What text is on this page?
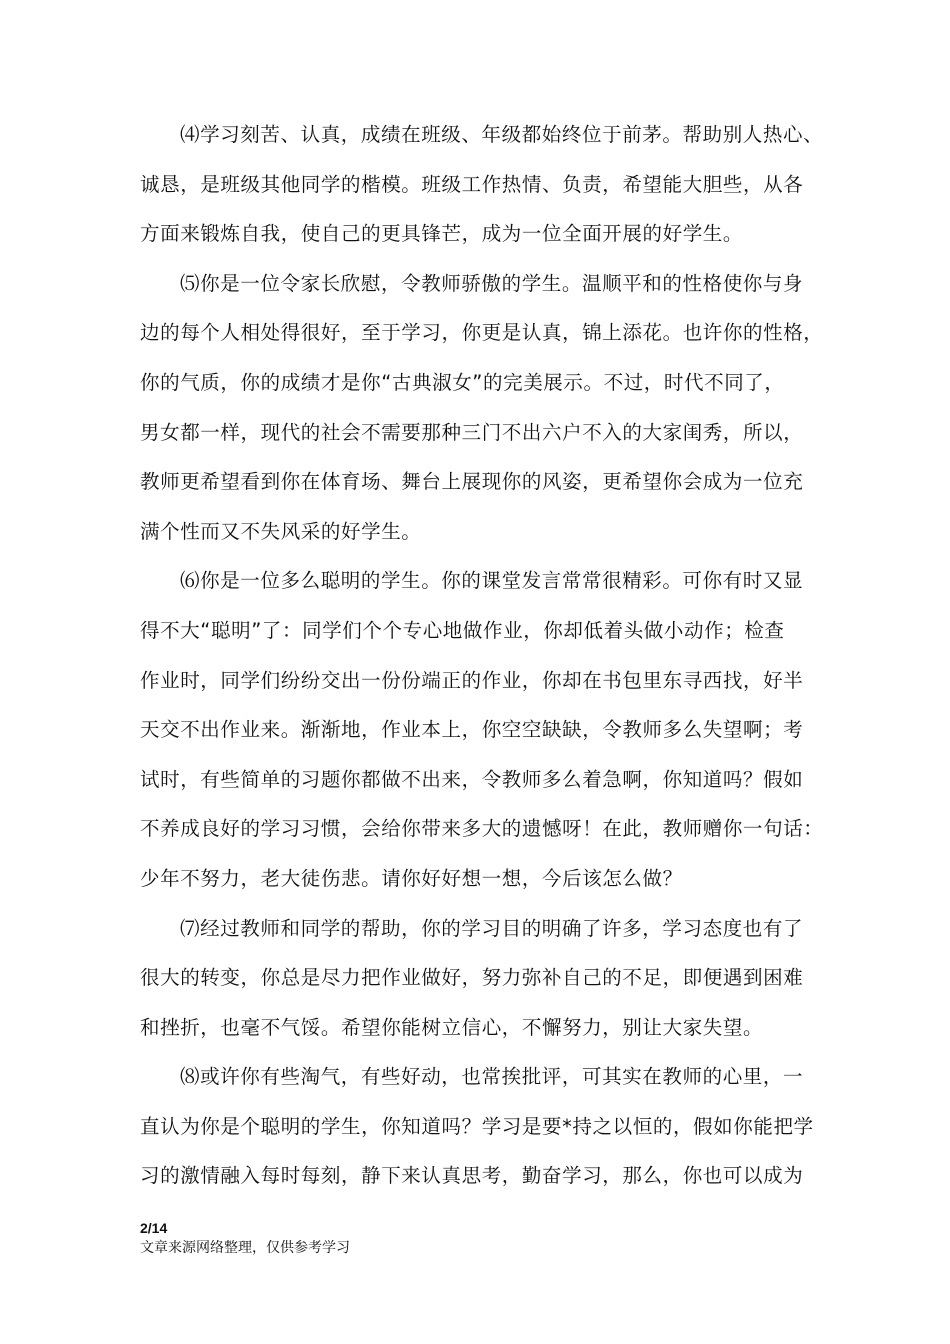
⑷学习刻苦、认真，成绩在班级、年级都始终位于前茅。帮助别人热心、
诚恳，是班级其他同学的楷模。班级工作热情、负责，希望能大胆些，从各
方面来锻炼自我，使自己的更具锋芒，成为一位全面开展的好学生。
⑸你是一位令家长欣慰，令教师骄傲的学生。温顺平和的性格使你与身
边的每个人相处得很好，至于学习，你更是认真，锦上添花。也许你的性格，
你的气质，你的成绩才是你“古典淑女”的完美展示。不过，时代不同了，
男女都一样，现代的社会不需要那种三门不出六户不入的大家闺秀，所以，
教师更希望看到你在体育场、舞台上展现你的风姿，更希望你会成为一位充
满个性而又不失风采的好学生。
⑹你是一位多么聪明的学生。你的课堂发言常常很精彩。可你有时又显
得不大“聪明”了：同学们个个专心地做作业，你却低着头做小动作；检查
作业时，同学们纷纷交出一份份端正的作业，你却在书包里东寻西找，好半
天交不出作业来。渐渐地，作业本上，你空空缺缺，令教师多么失望啊；考
试时，有些简单的习题你都做不出来，令教师多么着急啊，你知道吗？假如
不养成良好的学习习惯，会给你带来多大的遗憾呀！在此，教师赠你一句话：
少年不努力，老大徒伤悲。请你好好想一想，今后该怎么做？
⑺经过教师和同学的帮助，你的学习目的明确了许多，学习态度也有了
很大的转变，你总是尽力把作业做好，努力弥补自己的不足，即便遇到困难
和挫折，也毫不气馁。希望你能树立信心，不懈努力，别让大家失望。
⑻或许你有些淘气，有些好动，也常挨批评，可其实在教师的心里，一
直认为你是个聪明的学生，你知道吗？学习是要*持之以恒的，假如你能把学
习的激情融入每时每刻，静下来认真思考，勤奋学习，那么，你也可以成为
2/14
文章来源网络整理，仅供参考学习
